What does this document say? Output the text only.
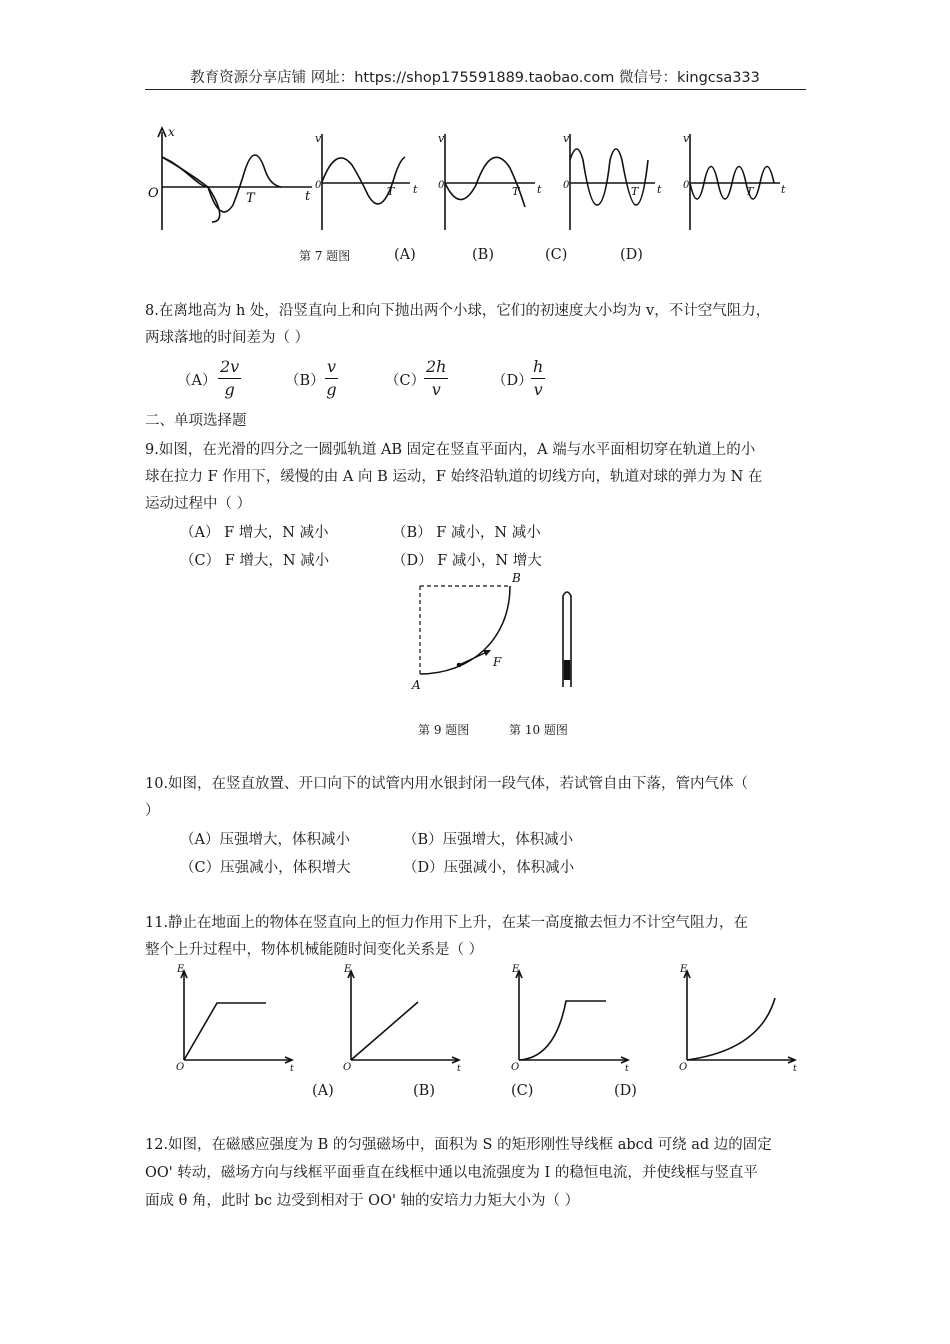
教育资源分享店铺 网址：https://shop175591889.taobao.com 微信号：kingcsa333
x
O	T	t
v	v	v	v
0	0	0	0
T	T	T	T
t	t	t	t
第 7 题图	(A)	(B)	(C)	(D)
8.在离地高为 h 处，沿竖直向上和向下抛出两个小球，它们的初速度大小均为 v，不计空气阻力，
两球落地的时间差为（ ）
$(A) \frac{2v}{g}$	$(B) \frac{v}{g}$	（C）
$\frac{2h}{v}$	（D）
$\frac{h}{v}$
二、单项选择题
9.如图，在光滑的四分之一圆弧轨道 AB 固定在竖直平面内，A 端与水平面相切穿在轨道上的小
球在拉力 F 作用下，缓慢的由 A 向 B 运动，F 始终沿轨道的切线方向，轨道对球的弹力为 N 在
运动过程中（ ）
（A） F 增大，N 减小	（B） F 减小，N 减小
（C） F 增大，N 减小	（D） F 减小，N 增大
A
B
F
第 9 题图	第 10 题图
10.如图，在竖直放置、开口向下的试管内用水银封闭一段气体，若试管自由下落，管内气体（
）
（A）压强增大，体积减小	（B）压强增大，体积减小
（C）压强减小，体积增大	（D）压强减小，体积减小
11.静止在地面上的物体在竖直向上的恒力作用下上升，在某一高度撤去恒力不计空气阻力，在
整个上升过程中，物体机械能随时间变化关系是（ ）
E	E	E	E
O	O	O	O
t	t	t	t
(A)	(B)	(C)	(D)
12.如图，在磁感应强度为 B 的匀强磁场中，面积为 S 的矩形刚性导线框 abcd 可绕 ad 边的固定
OO' 转动，磁场方向与线框平面垂直在线框中通以电流强度为 I 的稳恒电流，并使线框与竖直平
面成 θ 角，此时 bc 边受到相对于 OO' 轴的安培力力矩大小为（ ）
